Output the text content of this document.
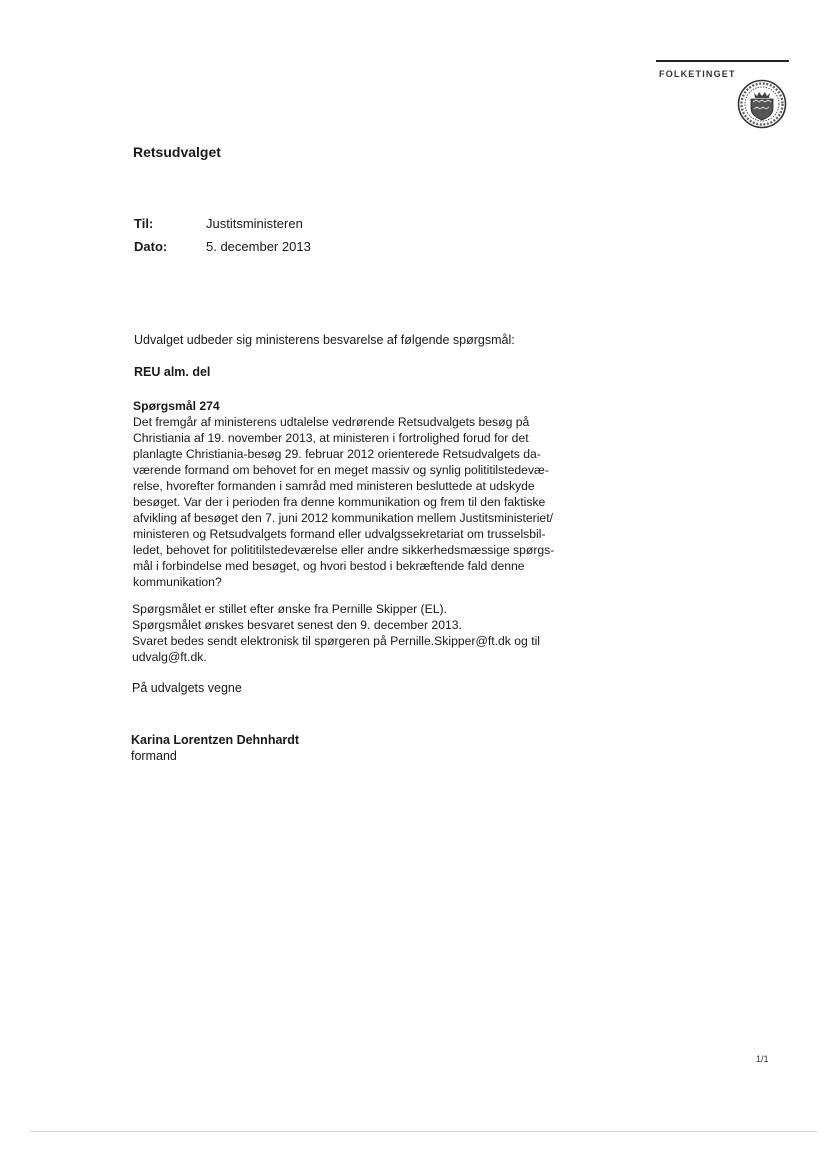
FOLKETINGET
Retsudvalget
Til:	Justitsministeren
Dato:	5. december 2013
Udvalget udbeder sig ministerens besvarelse af følgende spørgsmål:
REU alm. del
Spørgsmål 274
Det fremgår af ministerens udtalelse vedrørende Retsudvalgets besøg på
Christiania af 19. november 2013, at ministeren i fortrolighed forud for det
planlagte Christiania-besøg 29. februar 2012 orienterede Retsudvalgets da-
værende formand om behovet for en meget massiv og synlig polititilstedevæ-
relse, hvorefter formanden i samråd med ministeren besluttede at udskyde
besøget. Var der i perioden fra denne kommunikation og frem til den faktiske
afvikling af besøget den 7. juni 2012 kommunikation mellem Justitsministeriet/
ministeren og Retsudvalgets formand eller udvalgssekretariat om trusselsbil-
ledet, behovet for polititilstedeværelse eller andre sikkerhedsmæssige spørgs-
mål i forbindelse med besøget, og hvori bestod i bekræftende fald denne
kommunikation?
Spørgsmålet er stillet efter ønske fra Pernille Skipper (EL).
Spørgsmålet ønskes besvaret senest den 9. december 2013.
Svaret bedes sendt elektronisk til spørgeren på Pernille.Skipper@ft.dk og til
udvalg@ft.dk.
På udvalgets vegne
Karina Lorentzen Dehnhardt
formand
1/1
